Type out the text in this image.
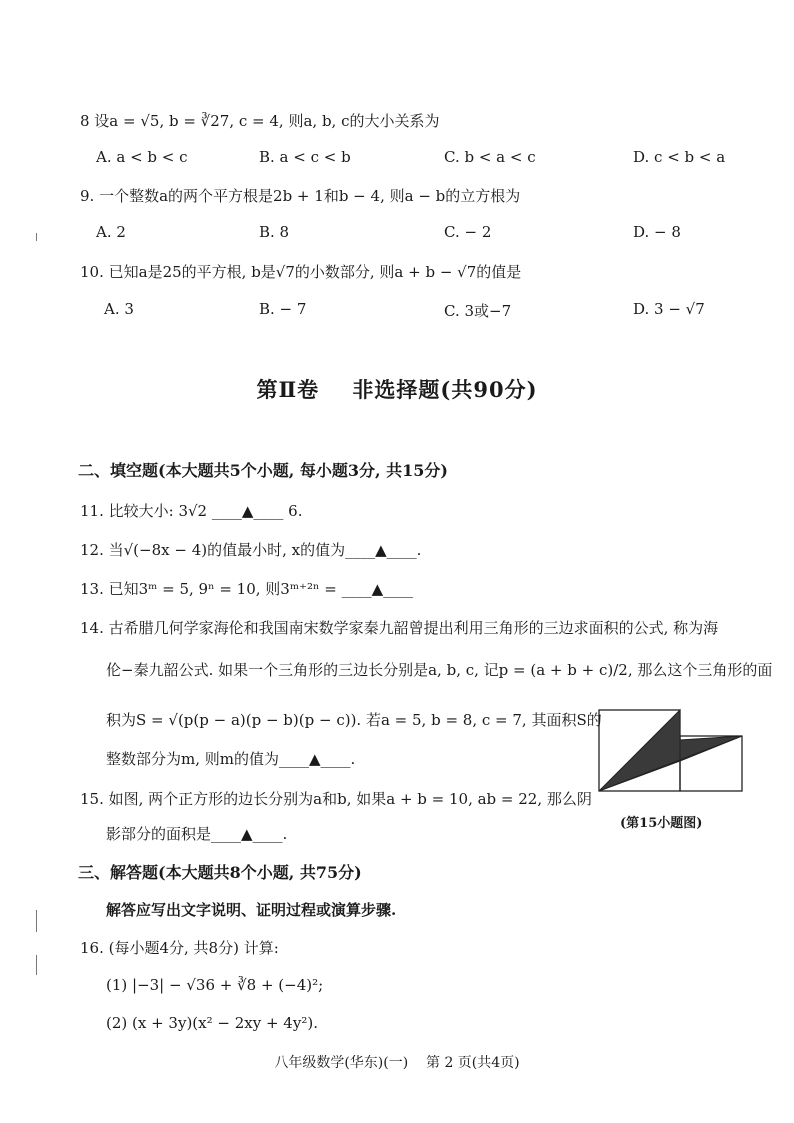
8 设a = √5, b = ∛27, c = 4, 则a, b, c的大小关系为
A. a < b < c	B. a < c < b	C. b < a < c	D. c < b < a
9. 一个整数a的两个平方根是2b + 1和b − 4, 则a − b的立方根为
A. 2	B. 8	C. − 2	D. − 8
10. 已知a是25的平方根, b是√7的小数部分, 则a + b − √7的值是
A. 3	B. − 7	C. 3或−7	D. 3 − √7
第Ⅱ卷    非选择题(共90分)
二、填空题(本大题共5个小题, 每小题3分, 共15分)
11. 比较大小: 3√2 ____▲____ 6.
12. 当√(−8x − 4)的值最小时, x的值为____▲____.
13. 已知3ᵐ = 5, 9ⁿ = 10, 则3ᵐ⁺²ⁿ = ____▲____
14. 古希腊几何学家海伦和我国南宋数学家秦九韶曾提出利用三角形的三边求面积的公式, 称为海
伦−秦九韶公式. 如果一个三角形的三边长分别是a, b, c, 记p = (a + b + c)/2, 那么这个三角形的面
积为S = √(p(p − a)(p − b)(p − c)). 若a = 5, b = 8, c = 7, 其面积S的
整数部分为m, 则m的值为____▲____.
15. 如图, 两个正方形的边长分别为a和b, 如果a + b = 10, ab = 22, 那么阴
影部分的面积是____▲____.
(第15小题图)
三、解答题(本大题共8个小题, 共75分)
解答应写出文字说明、证明过程或演算步骤.
16. (每小题4分, 共8分) 计算:
(1) |−3| − √36 + ∛8 + (−4)²;
(2) (x + 3y)(x² − 2xy + 4y²).
八年级数学(华东)(一)    第 2 页(共4页)
